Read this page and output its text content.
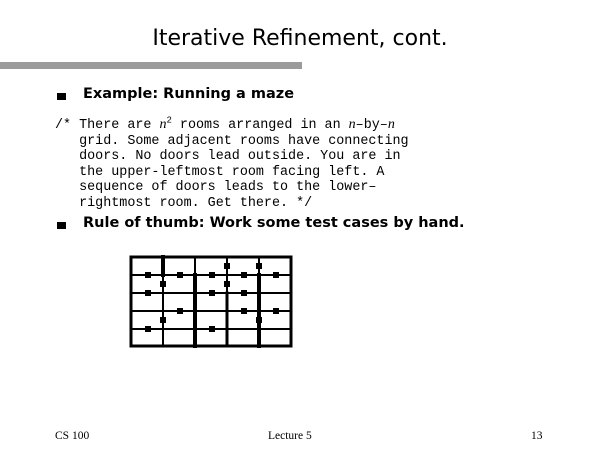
Iterative Refinement, cont.
Example: Running a maze
/* There are $n^2$ rooms arranged in an n–by–n
grid. Some adjacent rooms have connecting
doors. No doors lead outside. You are in
the upper-leftmost room facing left. A
sequence of doors leads to the lower–
rightmost room. Get there. */
Rule of thumb: Work some test cases by hand.
CS 100	Lecture 5	13
